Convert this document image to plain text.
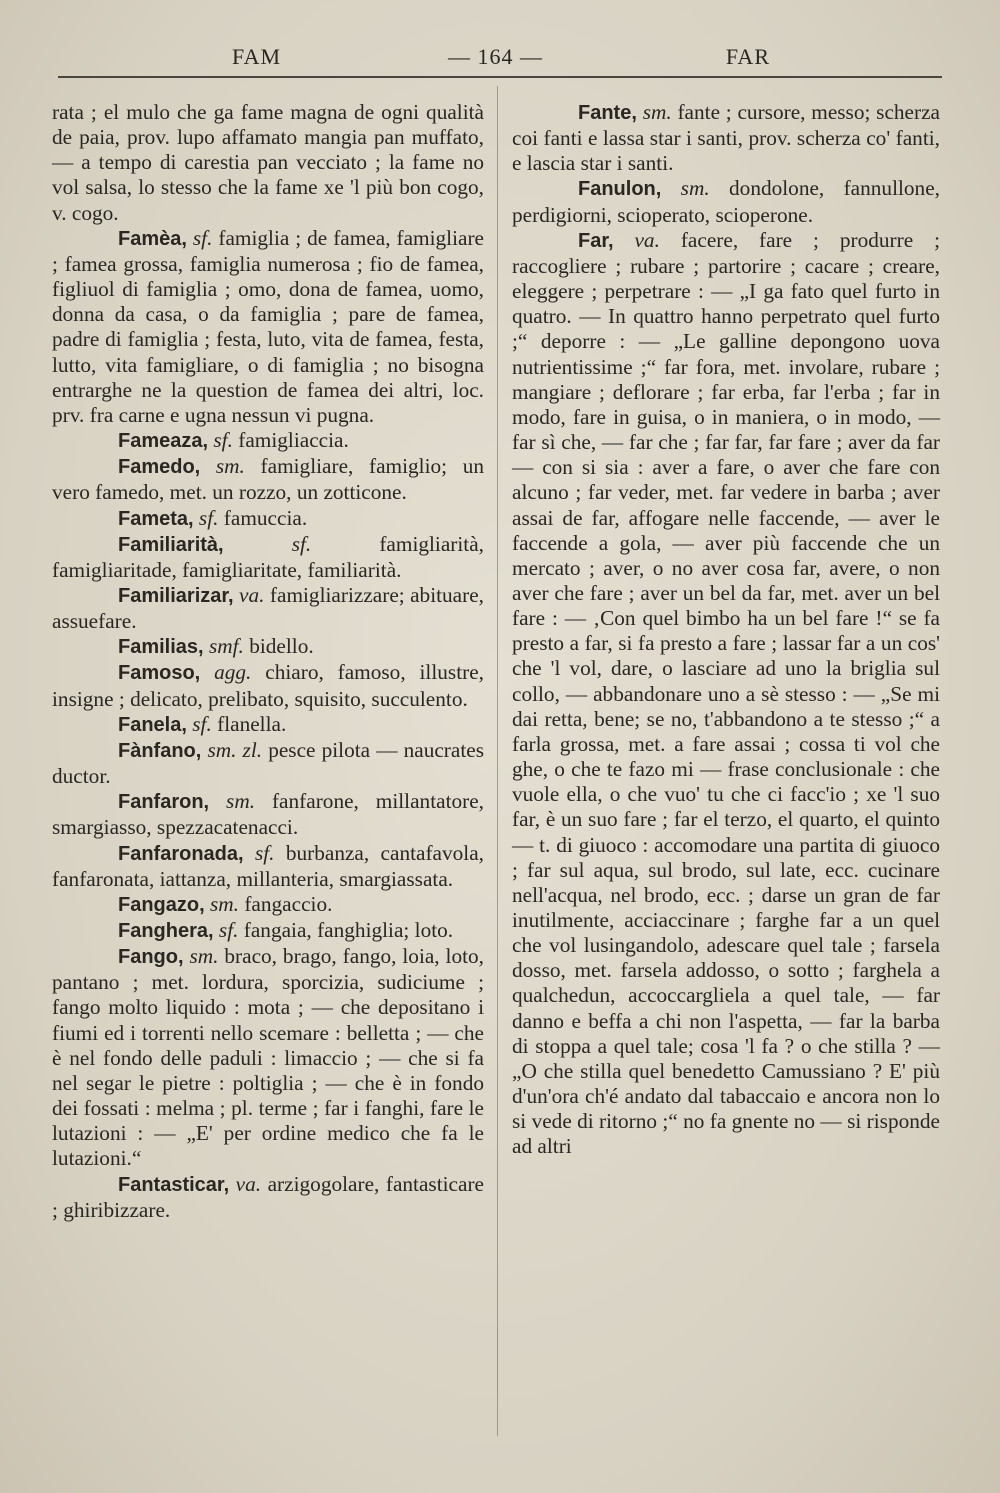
FAM	— 164 —	FAR

rata ; el mulo che ga fame magna de ogni qualità de paia, prov. lupo affamato mangia pan muffato, — a tempo di carestia pan vecciato ; la fame no vol salsa, lo stesso che la fame xe 'l più bon cogo, v. cogo.

Famèa, sf. famiglia ; de famea, famigliare ; famea grossa, famiglia numerosa ; fio de famea, figliuol di famiglia ; omo, dona de famea, uomo, donna da casa, o da famiglia ; pare de famea, padre di famiglia ; festa, luto, vita de famea, festa, lutto, vita famigliare, o di famiglia ; no bisogna entrarghe ne la question de famea dei altri, loc. prv. fra carne e ugna nessun vi pugna.

Fameaza, sf. famigliaccia.

Famedo, sm. famigliare, famiglio; un vero famedo, met. un rozzo, un zotticone.

Fameta, sf. famuccia.

Familiarità,	sf.	famigliarità, famigliaritade, famigliaritate, familiarità.

Familiarizar, va. famigliarizzare; abituare, assuefare.

Familias, smf. bidello.

Famoso, agg. chiaro, famoso, illustre, insigne ; delicato, prelibato, squisito, succulento.

Fanela, sf. flanella.

Fànfano, sm. zl. pesce pilota — naucrates ductor.

Fanfaron, sm. fanfarone, millantatore, smargiasso, spezzacatenacci.

Fanfaronada, sf. burbanza, cantafavola, fanfaronata, iattanza, millanteria, smargiassata.

Fangazo, sm. fangaccio.

Fanghera, sf. fangaia, fanghiglia; loto.

Fango, sm. braco, brago, fango, loia, loto, pantano ; met. lordura, sporcizia, sudiciume ; fango molto liquido : mota ; — che depositano i fiumi ed i torrenti nello scemare : belletta ; — che è nel fondo delle paduli : limaccio ; — che si fa nel segar le pietre : poltiglia ; — che è in fondo dei fossati : melma ; pl. terme ; far i fanghi, fare le lutazioni : — „E' per ordine medico che fa le lutazioni.“

Fantasticar, va. arzigogolare, fantasticare ; ghiribizzare.

Fante, sm. fante ; cursore, messo; scherza coi fanti e lassa star i santi, prov. scherza co' fanti, e lascia star i santi.

Fanulon, sm. dondolone, fannullone, perdigiorni, scioperato, scioperone.

Far, va. facere, fare ; produrre ; raccogliere ; rubare ; partorire ; cacare ; creare, eleggere ; perpetrare : — „I ga fato quel furto in quatro. — In quattro hanno perpetrato quel furto ;“ deporre : — „Le galline depongono uova nutrientissime ;“ far fora, met. involare, rubare ; mangiare ; deflorare ; far erba, far l'erba ; far in modo, fare in guisa, o in maniera, o in modo, — far sì che, — far che ; far far, far fare ; aver da far — con si sia : aver a fare, o aver che fare con alcuno ; far veder, met. far vedere in barba ; aver assai de far, affogare nelle faccende, — aver le faccende a gola, — aver più faccende che un mercato ; aver, o no aver cosa far, avere, o non aver che fare ; aver un bel da far, met. aver un bel fare : — ‚Con quel bimbo ha un bel fare !“ se fa presto a far, si fa presto a fare ; lassar far a un cos' che 'l vol, dare, o lasciare ad uno la briglia sul collo, — abbandonare uno a sè stesso : — „Se mi dai retta, bene; se no, t'abbandono a te stesso ;“ a farla grossa, met. a fare assai ; cossa ti vol che ghe, o che te fazo mi — frase conclusionale : che vuole ella, o che vuo' tu che ci facc'io ; xe 'l suo far, è un suo fare ; far el terzo, el quarto, el quinto — t. di giuoco : accomodare una partita di giuoco ; far sul aqua, sul brodo, sul late, ecc. cucinare nell'acqua, nel brodo, ecc. ; darse un gran de far inutilmente, acciaccinare ; farghe far a un quel che vol lusingandolo, adescare quel tale ; farsela dosso, met. farsela addosso, o sotto ; farghela a qualchedun, accoccargliela a quel tale, — far danno e beffa a chi non l'aspetta, — far la barba di stoppa a quel tale; cosa 'l fa ? o che stilla ? — „O che stilla quel benedetto Camussiano ? E' più d'un'ora ch'é andato dal tabaccaio e ancora non lo si vede di ritorno ;“ no fa gnente no — si risponde ad altri
